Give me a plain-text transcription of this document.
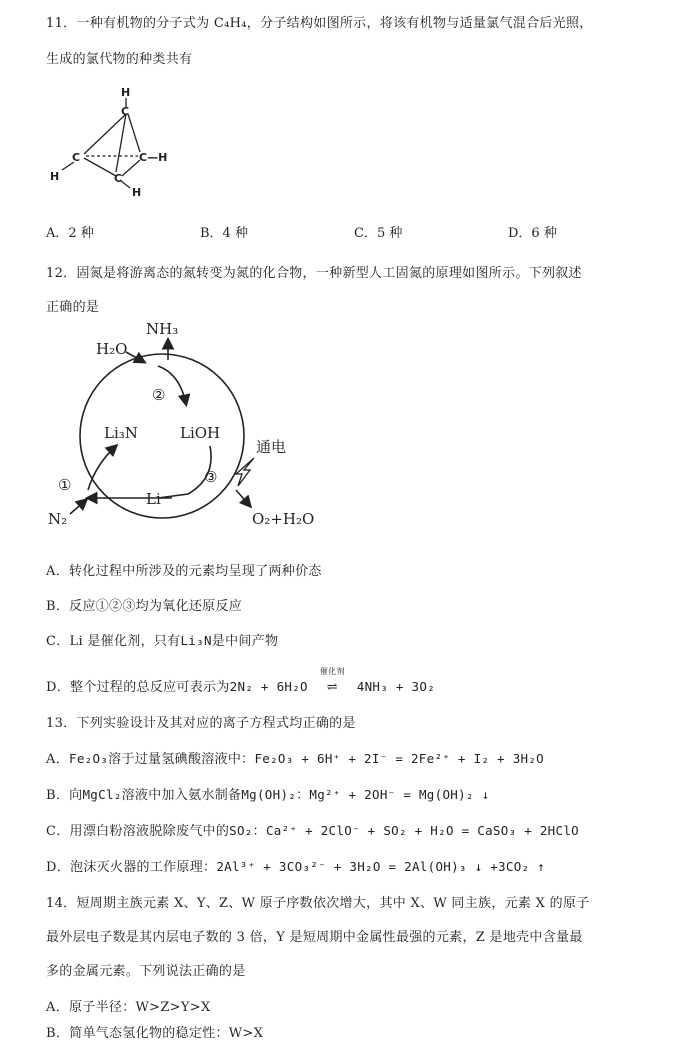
11．一种有机物的分子式为 C₄H₄，分子结构如图所示，将该有机物与适量氯气混合后光照，
生成的氯代物的种类共有
H
C
C	C—H
C
H
H
A．2 种	B．4 种	C．5 种	D．6 种
12．固氮是将游离态的氮转变为氮的化合物，一种新型人工固氮的原理如图所示。下列叙述
正确的是
NH₃
H₂O
②
Li₃N	LiOH
①
N₂
③
Li
通电
O₂+H₂O
A．转化过程中所涉及的元素均呈现了两种价态
B．反应①②③均为氧化还原反应
C．Li 是催化剂，只有Li₃N是中间产物
D．整个过程的总反应可表示为2N₂ + 6H₂O
催化剂
⇌ 4NH₃ + 3O₂
13．下列实验设计及其对应的离子方程式均正确的是
A．Fe₂O₃溶于过量氢碘酸溶液中：Fe₂O₃ + 6H⁺ + 2I⁻ = 2Fe²⁺ + I₂ + 3H₂O
B．向MgCl₂溶液中加入氨水制备Mg(OH)₂：Mg²⁺ + 2OH⁻ = Mg(OH)₂ ↓
C．用漂白粉溶液脱除废气中的SO₂：Ca²⁺ + 2ClO⁻ + SO₂ + H₂O = CaSO₃ + 2HClO
D．泡沫灭火器的工作原理：2Al³⁺ + 3CO₃²⁻ + 3H₂O = 2Al(OH)₃ ↓ +3CO₂ ↑
14．短周期主族元素 X、Y、Z、W 原子序数依次增大，其中 X、W 同主族，元素 X 的原子
最外层电子数是其内层电子数的 3 倍，Y 是短周期中金属性最强的元素，Z 是地壳中含量最
多的金属元素。下列说法正确的是
A．原子半径：W>Z>Y>X
B．简单气态氢化物的稳定性：W>X
